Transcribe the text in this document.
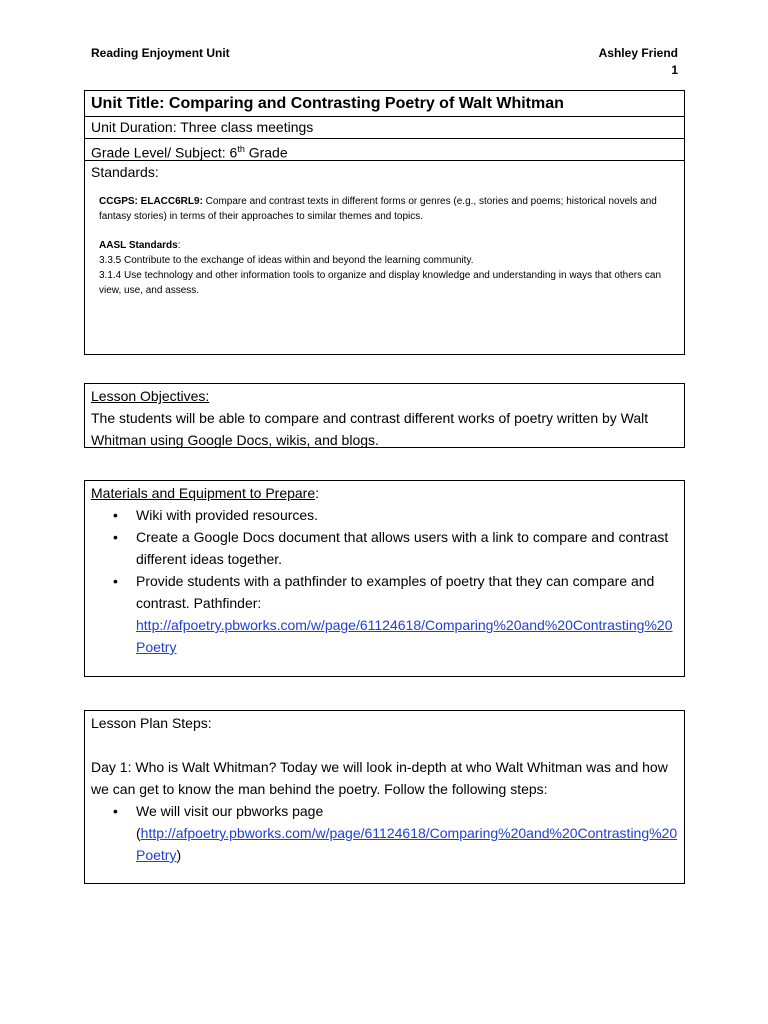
Reading Enjoyment Unit	Ashley Friend
1
Unit Title: Comparing and Contrasting Poetry of Walt Whitman
Unit Duration: Three class meetings
Grade Level/ Subject: 6th Grade
Standards:

CCGPS: ELACC6RL9: Compare and contrast texts in different forms or genres (e.g., stories and poems; historical novels and fantasy stories) in terms of their approaches to similar themes and topics.

AASL Standards:

3.3.5 Contribute to the exchange of ideas within and beyond the learning community.

3.1.4 Use technology and other information tools to organize and display knowledge and understanding in ways that others can view, use, and assess.

Lesson Objectives:
The students will be able to compare and contrast different works of poetry written by Walt Whitman using Google Docs, wikis, and blogs.
Materials and Equipment to Prepare:
• Wiki with provided resources.
• Create a Google Docs document that allows users with a link to compare and contrast different ideas together.
• Provide students with a pathfinder to examples of poetry that they can compare and contrast. Pathfinder:
http://afpoetry.pbworks.com/w/page/61124618/Comparing%20and%20Contrasting%20Poetry
Lesson Plan Steps:
Day 1: Who is Walt Whitman? Today we will look in-depth at who Walt Whitman was and how we can get to know the man behind the poetry. Follow the following steps:
• We will visit our pbworks page
(http://afpoetry.pbworks.com/w/page/61124618/Comparing%20and%20Contrasting%20Poetry)
